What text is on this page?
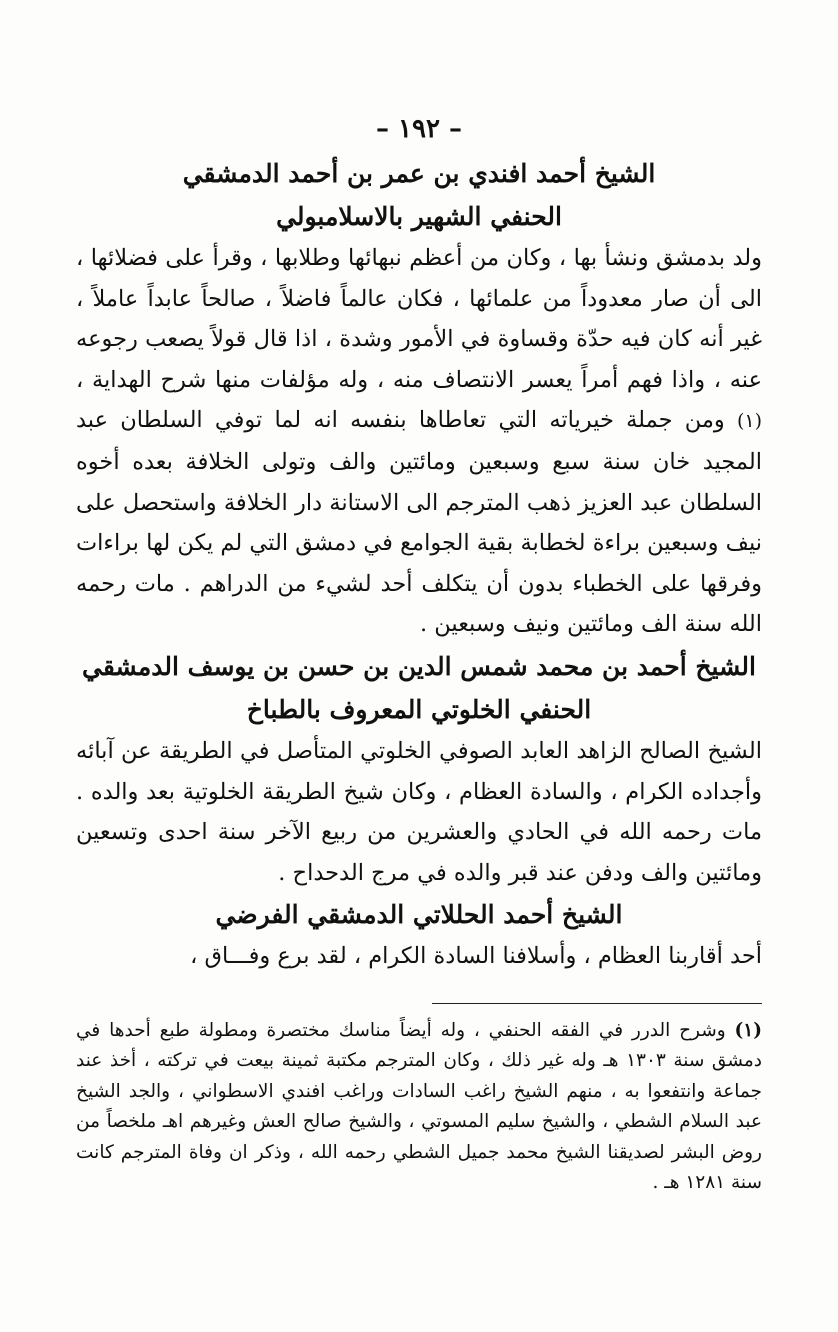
– ١٩٢ –
الشيخ أحمد افندي بن عمر بن أحمد الدمشقي
الحنفي الشهير بالاسلامبولي

ولد بدمشق ونشأ بها ، وكان من أعظم نبهائها وطلابها ، وقرأ على فضلائها ، الى أن صار معدوداً من علمائها ، فكان عالماً فاضلاً ، صالحاً عابداً عاملاً ، غير أنه كان فيه حدّة وقساوة في الأمور وشدة ، اذا قال قولاً يصعب رجوعه عنه ، واذا فهم أمراً يعسر الانتصاف منه ، وله مؤلفات منها شرح الهداية ، (١) ومن جملة خيرياته التي تعاطاها بنفسه انه لما توفي السلطان عبد المجيد خان سنة سبع وسبعين ومائتين والف وتولى الخلافة بعده أخوه السلطان عبد العزيز ذهب المترجم الى الاستانة دار الخلافة واستحصل على نيف وسبعين براءة لخطابة بقية الجوامع في دمشق التي لم يكن لها براءات وفرقها على الخطباء بدون أن يتكلف أحد لشيء من الدراهم . مات رحمه الله سنة الف ومائتين ونيف وسبعين .

الشيخ أحمد بن محمد شمس الدين بن حسن بن يوسف الدمشقي
الحنفي الخلوتي المعروف بالطباخ

الشيخ الصالح الزاهد العابد الصوفي الخلوتي المتأصل في الطريقة عن آبائه وأجداده الكرام ، والسادة العظام ، وكان شيخ الطريقة الخلوتية بعد والده . مات رحمه الله في الحادي والعشرين من ربيع الآخر سنة احدى وتسعين ومائتين والف ودفن عند قبر والده في مرج الدحداح .

الشيخ أحمد الحللاتي الدمشقي الفرضي

أحد أقاربنا العظام ، وأسلافنا السادة الكرام ، لقد برع وفـــاق ،

(١) وشرح الدرر في الفقه الحنفي ، وله أيضاً مناسك مختصرة ومطولة طبع أحدها في دمشق سنة ١٣٠٣ هـ وله غير ذلك ، وكان المترجم مكتبة ثمينة بيعت في تركته ، أخذ عند جماعة وانتفعوا به ، منهم الشيخ راغب السادات وراغب افندي الاسطواني ، والجد الشيخ عبد السلام الشطي ، والشيخ سليم المسوتي ، والشيخ صالح العش وغيرهم اهـ ملخصاً من روض البشر لصديقنا الشيخ محمد جميل الشطي رحمه الله ، وذكر ان وفاة المترجم كانت سنة ١٢٨١ هـ .
